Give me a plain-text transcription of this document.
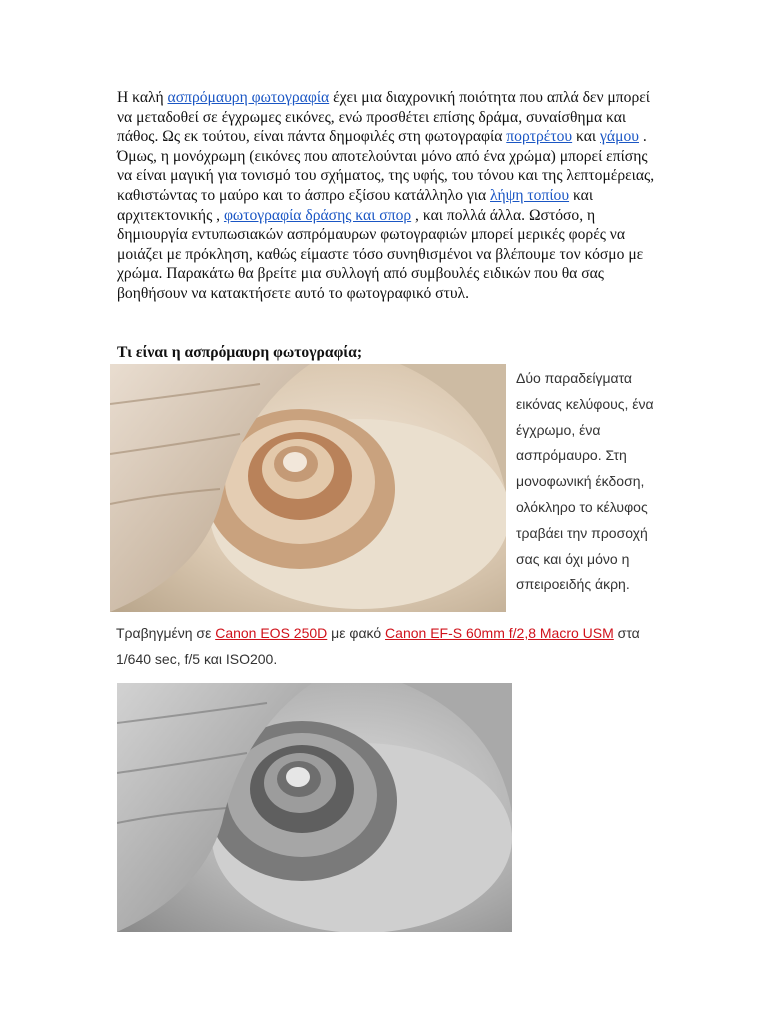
Η καλή ασπρόμαυρη φωτογραφία έχει μια διαχρονική ποιότητα που απλά δεν μπορεί να μεταδοθεί σε έγχρωμες εικόνες, ενώ προσθέτει επίσης δράμα, συναίσθημα και πάθος. Ως εκ τούτου, είναι πάντα δημοφιλές στη φωτογραφία πορτρέτου και γάμου . Όμως, η μονόχρωμη (εικόνες που αποτελούνται μόνο από ένα χρώμα) μπορεί επίσης να είναι μαγική για τονισμό του σχήματος, της υφής, του τόνου και της λεπτομέρειας, καθιστώντας το μαύρο και το άσπρο εξίσου κατάλληλο για λήψη τοπίου και αρχιτεκτονικής , φωτογραφία δράσης και σπορ , και πολλά άλλα. Ωστόσο, η δημιουργία εντυπωσιακών ασπρόμαυρων φωτογραφιών μπορεί μερικές φορές να μοιάζει με πρόκληση, καθώς είμαστε τόσο συνηθισμένοι να βλέπουμε τον κόσμο με χρώμα. Παρακάτω θα βρείτε μια συλλογή από συμβουλές ειδικών που θα σας βοηθήσουν να κατακτήσετε αυτό το φωτογραφικό στυλ.

Τι είναι η ασπρόμαυρη φωτογραφία;

Δύο παραδείγματα εικόνας κελύφους, ένα έγχρωμο, ένα ασπρόμαυρο. Στη μονοφωνική έκδοση, ολόκληρο το κέλυφος τραβάει την προσοχή σας και όχι μόνο η σπειροειδής άκρη.

Τραβηγμένη σε Canon EOS 250D με φακό Canon EF-S 60mm f/2,8 Macro USM στα 1/640 sec, f/5 και ISO200.
